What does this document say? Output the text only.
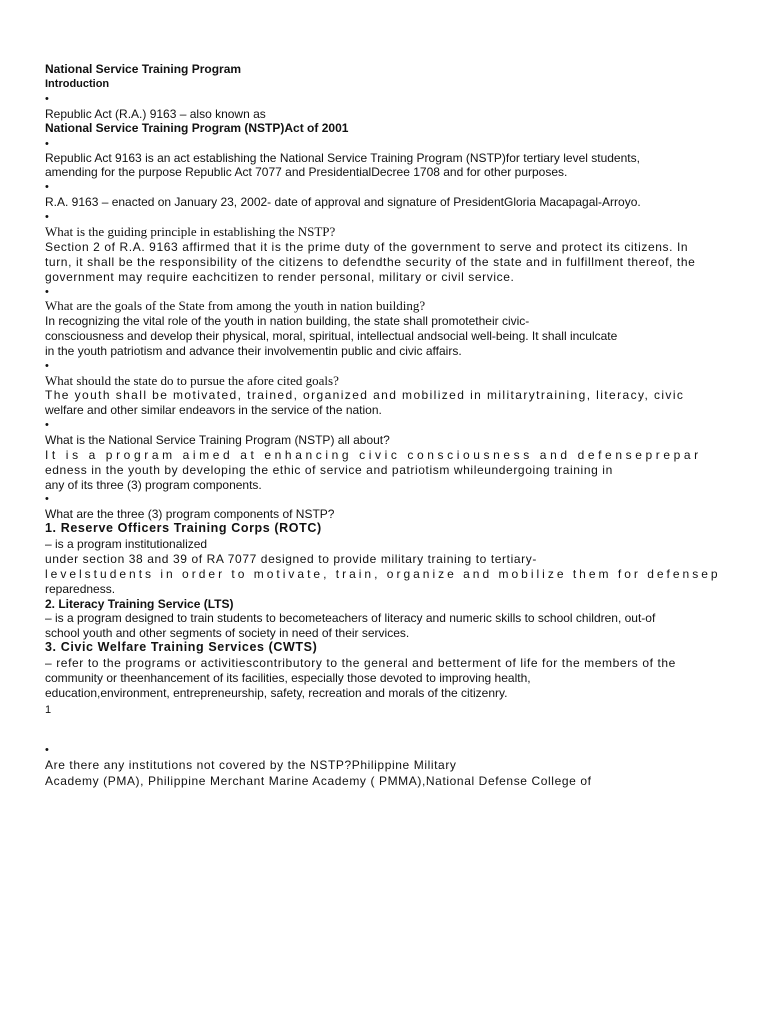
National Service Training Program
Introduction
•
Republic Act (R.A.) 9163 – also known as
National Service Training Program (NSTP)Act of 2001
•
Republic Act 9163 is an act establishing the National Service Training Program (NSTP)for tertiary level students,
amending for the purpose Republic Act 7077 and PresidentialDecree 1708 and for other purposes.
•
R.A. 9163 – enacted on January 23, 2002- date of approval and signature of PresidentGloria Macapagal-Arroyo.
•
What is the guiding principle in establishing the NSTP?
Section 2 of R.A. 9163 affirmed that it is the prime duty of the government to serve and protect its citizens. In
turn, it shall be the responsibility of the citizens to defendthe security of the state and in fulfillment thereof, the
government may require eachcitizen to render personal, military or civil service.
•
What are the goals of the State from among the youth in nation building?
In recognizing the vital role of the youth in nation building, the state shall promotetheir civic-
consciousness and develop their physical, moral, spiritual, intellectual andsocial well-being. It shall inculcate
in the youth patriotism and advance their involvementin public and civic affairs.
•
What should the state do to pursue the afore cited goals?
The youth shall be motivated, trained, organized and mobilized in militarytraining, literacy, civic
welfare and other similar endeavors in the service of the nation.
•
What is the National Service Training Program (NSTP) all about?
It is a program aimed at enhancing civic consciousness and defenseprepar
edness in the youth by developing the ethic of service and patriotism whileundergoing training in
any of its three (3) program components.
•
What are the three (3) program components of NSTP?
1. Reserve Officers Training Corps (ROTC)
– is a program institutionalized
under section 38 and 39 of RA 7077 designed to provide military training to tertiary-
levelstudents in order to motivate, train, organize and mobilize them for defensep
reparedness.
2. Literacy Training Service (LTS)
– is a program designed to train students to becometeachers of literacy and numeric skills to school children, out-of
school youth and other segments of society in need of their services.
3. Civic Welfare Training Services (CWTS)
– refer to the programs or activitiescontributory to the general and betterment of life for the members of the
community or theenhancement of its facilities, especially those devoted to improving health,
education,environment, entrepreneurship, safety, recreation and morals of the citizenry.
1
•
Are there any institutions not covered by the NSTP?Philippine Military
Academy (PMA), Philippine Merchant Marine Academy ( PMMA),National Defense College of
